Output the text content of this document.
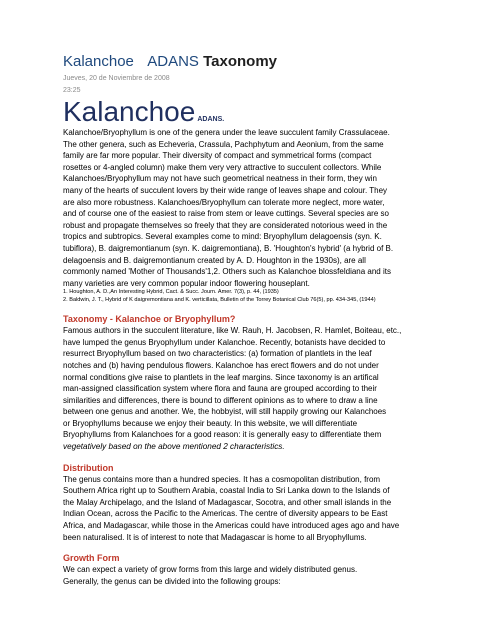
Kalanchoe ADANS Taxonomy
Jueves, 20 de Noviembre de 2008
23:25
Kalanchoe ADANS.
Kalanchoe/Bryophyllum is one of the genera under the leave succulent family Crassulaceae.
The other genera, such as Echeveria, Crassula, Pachphytum and Aeonium, from the same
family are far more popular. Their diversity of compact and symmetrical forms (compact
rosettes or 4-angled column) make them very very attractive to succulent collectors. While
Kalanchoes/Bryophyllum may not have such geometrical neatness in their form, they win
many of the hearts of succulent lovers by their wide range of leaves shape and colour. They
are also more robustness. Kalanchoes/Bryophyllum can tolerate more neglect, more water,
and of course one of the easiest to raise from stem or leave cuttings. Several species are so
robust and propagate themselves so freely that they are considerated notorious weed in the
tropics and subtropics. Several examples come to mind: Bryophyllum delagoensis (syn. K.
tubiflora), B. daigremontianum (syn. K. daigremontiana), B. 'Houghton's hybrid' (a hybrid of B.
delagoensis and B. daigremontianum created by A. D. Houghton in the 1930s), are all
commonly named 'Mother of Thousands'1,2. Others such as Kalanchoe blossfeldiana and its
many varieties are very common popular indoor flowering houseplant.
1. Houghton, A. D.,An Interesting Hybrid, Cact. & Succ. Journ. Amer. 7(3), p. 44, (1935)
2. Baldwin, J. T., Hybrid of K daigremontiana and K. verticillata, Bulletin of the Torrey Botanical Club 76(5), pp. 434-345, (1944)
Taxonomy - Kalanchoe or Bryophyllum?
Famous authors in the succulent literature, like W. Rauh, H. Jacobsen, R. Hamlet, Boiteau, etc.,
have lumped the genus Bryophyllum under Kalanchoe. Recently, botanists have decided to
resurrect Bryophyllum based on two characteristics: (a) formation of plantlets in the leaf
notches and (b) having pendulous flowers. Kalanchoe has erect flowers and do not under
normal conditions give raise to plantlets in the leaf margins. Since taxonomy is an artifical
man-assigned classification system where flora and fauna are grouped according to their
similarities and differences, there is bound to different opinions as to where to draw a line
between one genus and another. We, the hobbyist, will still happily growing our Kalanchoes
or Bryophyllums because we enjoy their beauty. In this website, we will differentiate
Bryophyllums from Kalanchoes for a good reason: it is generally easy to differentiate them
vegetatively based on the above mentioned 2 characteristics.
Distribution
The genus contains more than a hundred species. It has a cosmopolitan distribution, from
Southern Africa right up to Southern Arabia, coastal India to Sri Lanka down to the Islands of
the Malay Archipelago, and the Island of Madagascar, Socotra, and other small islands in the
Indian Ocean, across the Pacific to the Americas. The centre of diversity appears to be East
Africa, and Madagascar, while those in the Americas could have introduced ages ago and have
been naturalised. It is of interest to note that Madagascar is home to all Bryophyllums.
Growth Form
We can expect a variety of grow forms from this large and widely distributed genus.
Generally, the genus can be divided into the following groups:
